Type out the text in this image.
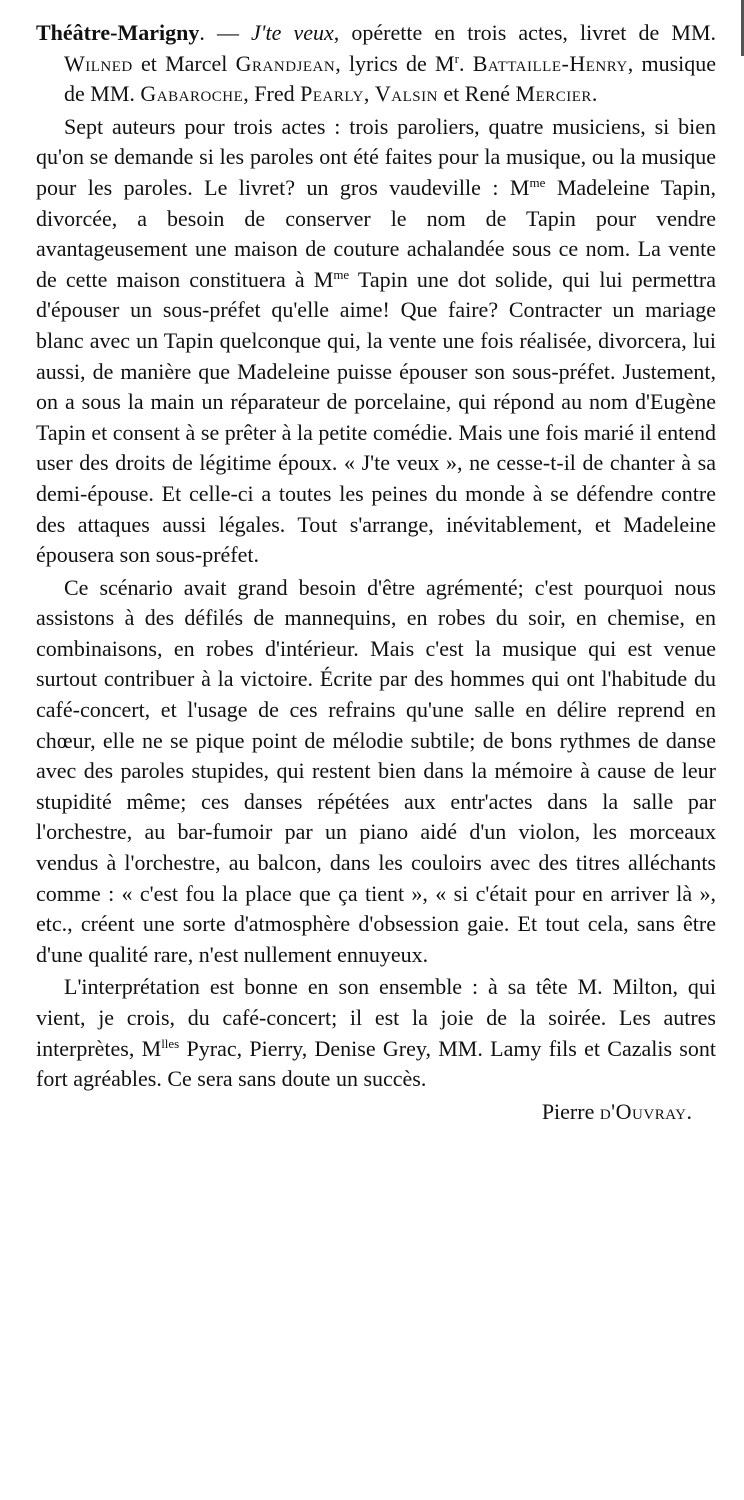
Théâtre-Marigny. — J'te veux, opérette en trois actes, livret de MM. Wilned et Marcel Grandjean, lyrics de $M^r$. Battaille-Henry, musique de MM. Gabaroche, Fred Pearly, Valsin et René Mercier.

Sept auteurs pour trois actes : trois paroliers, quatre musiciens, si bien qu'on se demande si les paroles ont été faites pour la musique, ou la musique pour les paroles. Le livret? un gros vaudeville : $M^{me}$ Madeleine Tapin, divorcée, a besoin de conserver le nom de Tapin pour vendre avantageusement une maison de couture achalandée sous ce nom. La vente de cette maison constituera à $M^{me}$ Tapin une dot solide, qui lui permettra d'épouser un sous-préfet qu'elle aime! Que faire? Contracter un mariage blanc avec un Tapin quelconque qui, la vente une fois réalisée, divorcera, lui aussi, de manière que Madeleine puisse épouser son sous-préfet. Justement, on a sous la main un réparateur de porcelaine, qui répond au nom d'Eugène Tapin et consent à se prêter à la petite comédie. Mais une fois marié il entend user des droits de légitime époux. « J'te veux », ne cesse-t-il de chanter à sa demi-épouse. Et celle-ci a toutes les peines du monde à se défendre contre des attaques aussi légales. Tout s'arrange, inévitablement, et Madeleine épousera son sous-préfet.

Ce scénario avait grand besoin d'être agrémenté; c'est pourquoi nous assistons à des défilés de mannequins, en robes du soir, en chemise, en combinaisons, en robes d'intérieur. Mais c'est la musique qui est venue surtout contribuer à la victoire. Écrite par des hommes qui ont l'habitude du café-concert, et l'usage de ces refrains qu'une salle en délire reprend en chœur, elle ne se pique point de mélodie subtile; de bons rythmes de danse avec des paroles stupides, qui restent bien dans la mémoire à cause de leur stupidité même; ces danses répétées aux entr'actes dans la salle par l'orchestre, au bar-fumoir par un piano aidé d'un violon, les morceaux vendus à l'orchestre, au balcon, dans les couloirs avec des titres alléchants comme : « c'est fou la place que ça tient », « si c'était pour en arriver là », etc., créent une sorte d'atmosphère d'obsession gaie. Et tout cela, sans être d'une qualité rare, n'est nullement ennuyeux.

L'interprétation est bonne en son ensemble : à sa tête M. Milton, qui vient, je crois, du café-concert; il est la joie de la soirée. Les autres interprètes, $M^{lles}$ Pyrac, Pierry, Denise Grey, MM. Lamy fils et Cazalis sont fort agréables. Ce sera sans doute un succès.

Pierre d'Ouvray.
